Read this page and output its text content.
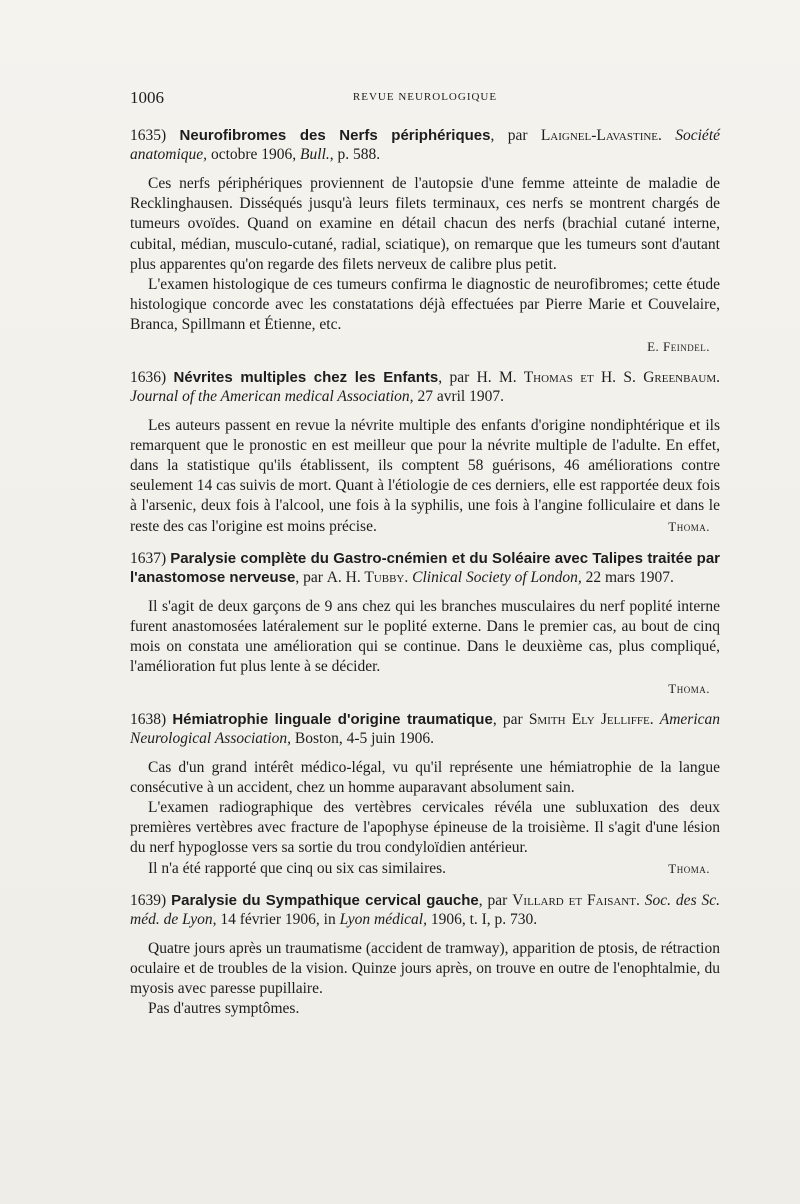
1006	REVUE NEUROLOGIQUE
1635) Neurofibromes des Nerfs périphériques, par Laignel-Lavastine. Société anatomique, octobre 1906, Bull., p. 588.

Ces nerfs périphériques proviennent de l'autopsie d'une femme atteinte de maladie de Recklinghausen. Disséqués jusqu'à leurs filets terminaux, ces nerfs se montrent chargés de tumeurs ovoïdes. Quand on examine en détail chacun des nerfs (brachial cutané interne, cubital, médian, musculo-cutané, radial, sciatique), on remarque que les tumeurs sont d'autant plus apparentes qu'on regarde des filets nerveux de calibre plus petit.

L'examen histologique de ces tumeurs confirma le diagnostic de neurofibromes; cette étude histologique concorde avec les constatations déjà effectuées par Pierre Marie et Couvelaire, Branca, Spillmann et Étienne, etc.

E. Feindel.
1636) Névrites multiples chez les Enfants, par H. M. Thomas et H. S. Greenbaum. Journal of the American medical Association, 27 avril 1907.

Les auteurs passent en revue la névrite multiple des enfants d'origine nondiphtérique et ils remarquent que le pronostic en est meilleur que pour la névrite multiple de l'adulte. En effet, dans la statistique qu'ils établissent, ils comptent 58 guérisons, 46 améliorations contre seulement 14 cas suivis de mort. Quant à l'étiologie de ces derniers, elle est rapportée deux fois à l'arsenic, deux fois à l'alcool, une fois à la syphilis, une fois à l'angine folliculaire et dans le reste des cas l'origine est moins précise.	Thoma.

1637) Paralysie complète du Gastro-cnémien et du Soléaire avec Talipes traitée par l'anastomose nerveuse, par A. H. Tubby. Clinical Society of London, 22 mars 1907.

Il s'agit de deux garçons de 9 ans chez qui les branches musculaires du nerf poplité interne furent anastomosées latéralement sur le poplité externe. Dans le premier cas, au bout de cinq mois on constata une amélioration qui se continue. Dans le deuxième cas, plus compliqué, l'amélioration fut plus lente à se décider.

Thoma.
1638) Hémiatrophie linguale d'origine traumatique, par Smith Ely Jelliffe. American Neurological Association, Boston, 4-5 juin 1906.

Cas d'un grand intérêt médico-légal, vu qu'il représente une hémiatrophie de la langue consécutive à un accident, chez un homme auparavant absolument sain.

L'examen radiographique des vertèbres cervicales révéla une subluxation des deux premières vertèbres avec fracture de l'apophyse épineuse de la troisième. Il s'agit d'une lésion du nerf hypoglosse vers sa sortie du trou condyloïdien antérieur.

Il n'a été rapporté que cinq ou six cas similaires.	Thoma.

1639) Paralysie du Sympathique cervical gauche, par Villard et Faisant. Soc. des Sc. méd. de Lyon, 14 février 1906, in Lyon médical, 1906, t. I, p. 730.

Quatre jours après un traumatisme (accident de tramway), apparition de ptosis, de rétraction oculaire et de troubles de la vision. Quinze jours après, on trouve en outre de l'enophtalmie, du myosis avec paresse pupillaire.

Pas d'autres symptômes.
